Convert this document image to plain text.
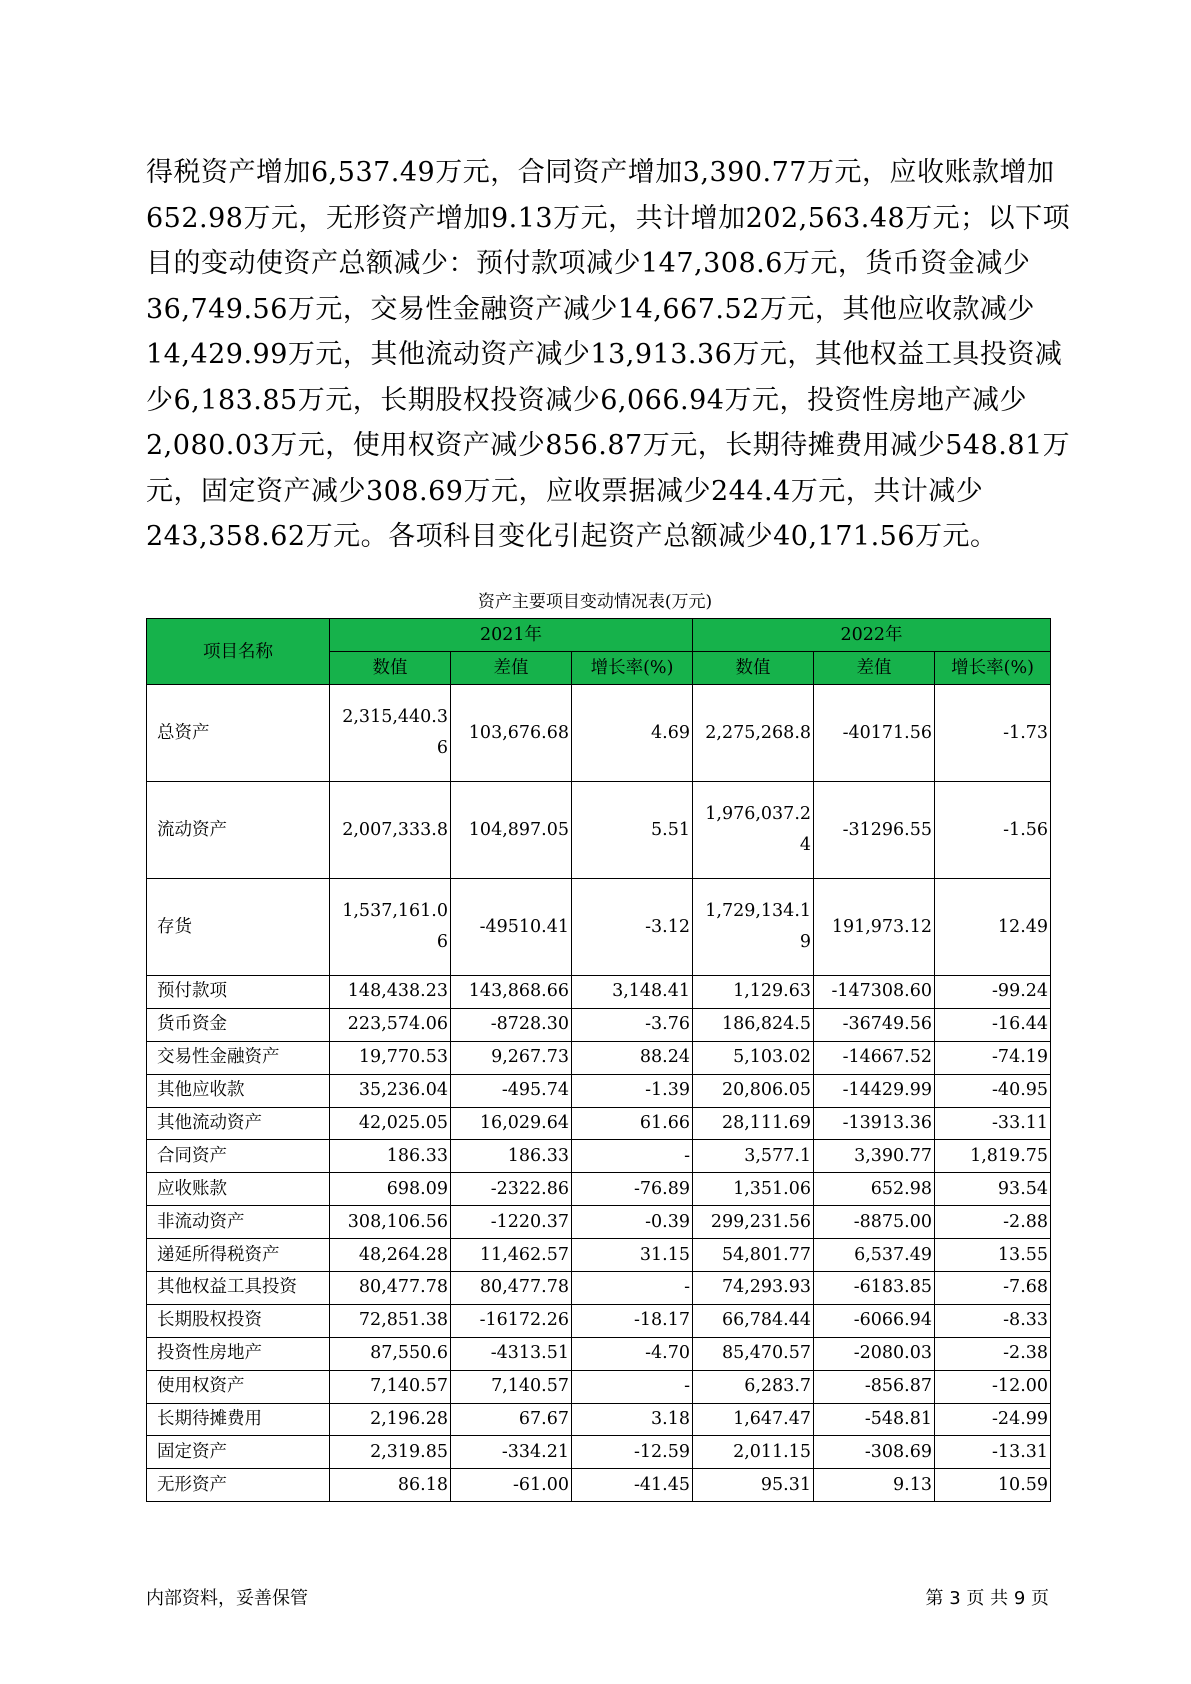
得税资产增加6,537.49万元，合同资产增加3,390.77万元，应收账款增加
652.98万元，无形资产增加9.13万元，共计增加202,563.48万元；以下项
目的变动使资产总额减少：预付款项减少147,308.6万元，货币资金减少
36,749.56万元，交易性金融资产减少14,667.52万元，其他应收款减少
14,429.99万元，其他流动资产减少13,913.36万元，其他权益工具投资减
少6,183.85万元，长期股权投资减少6,066.94万元，投资性房地产减少
2,080.03万元，使用权资产减少856.87万元，长期待摊费用减少548.81万
元，固定资产减少308.69万元，应收票据减少244.4万元，共计减少
243,358.62万元。各项科目变化引起资产总额减少40,171.56万元。
资产主要项目变动情况表(万元)
项目名称	2021年			2022年		
	数值	差值	增长率(%)	数值	差值	增长率(%)
总资产	2,315,440.36	103,676.68	4.69	2,275,268.8	-40171.56	-1.73

流动资产	2,007,333.8	104,897.05	5.51	1,976,037.24	-31296.55	-1.56

存货	1,537,161.06	-49510.41	-3.12	1,729,134.19	191,973.12	12.49

预付款项	148,438.23	143,868.66	3,148.41	1,129.63	-147308.60	-99.24
货币资金	223,574.06	-8728.30	-3.76	186,824.5	-36749.56	-16.44
交易性金融资产	19,770.53	9,267.73	88.24	5,103.02	-14667.52	-74.19
其他应收款	35,236.04	-495.74	-1.39	20,806.05	-14429.99	-40.95
其他流动资产	42,025.05	16,029.64	61.66	28,111.69	-13913.36	-33.11
合同资产	186.33	186.33	-	3,577.1	3,390.77	1,819.75
应收账款	698.09	-2322.86	-76.89	1,351.06	652.98	93.54
非流动资产	308,106.56	-1220.37	-0.39	299,231.56	-8875.00	-2.88
递延所得税资产	48,264.28	11,462.57	31.15	54,801.77	6,537.49	13.55
其他权益工具投资	80,477.78	80,477.78	-	74,293.93	-6183.85	-7.68
长期股权投资	72,851.38	-16172.26	-18.17	66,784.44	-6066.94	-8.33
投资性房地产	87,550.6	-4313.51	-4.70	85,470.57	-2080.03	-2.38
使用权资产	7,140.57	7,140.57	-	6,283.7	-856.87	-12.00
长期待摊费用	2,196.28	67.67	3.18	1,647.47	-548.81	-24.99
固定资产	2,319.85	-334.21	-12.59	2,011.15	-308.69	-13.31
无形资产	86.18	-61.00	-41.45	95.31	9.13	10.59
内部资料，妥善保管	第 3 页 共 9 页
